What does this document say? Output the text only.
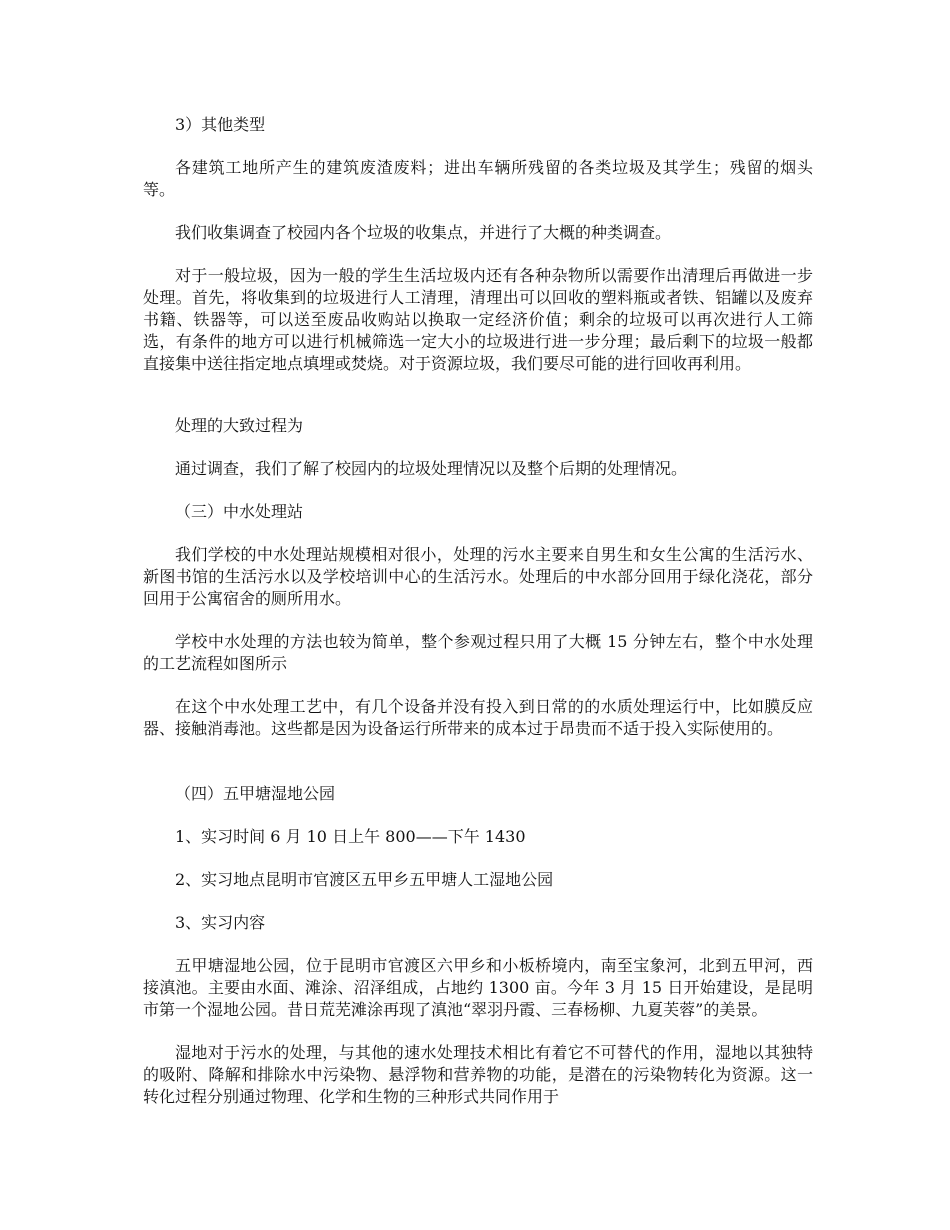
3）其他类型

各建筑工地所产生的建筑废渣废料；进出车辆所残留的各类垃圾及其学生；残留的烟头等。

我们收集调查了校园内各个垃圾的收集点，并进行了大概的种类调查。

对于一般垃圾，因为一般的学生生活垃圾内还有各种杂物所以需要作出清理后再做进一步处理。首先，将收集到的垃圾进行人工清理，清理出可以回收的塑料瓶或者铁、铝罐以及废弃书籍、铁器等，可以送至废品收购站以换取一定经济价值；剩余的垃圾可以再次进行人工筛选，有条件的地方可以进行机械筛选一定大小的垃圾进行进一步分理；最后剩下的垃圾一般都直接集中送往指定地点填埋或焚烧。对于资源垃圾，我们要尽可能的进行回收再利用。

处理的大致过程为

通过调查，我们了解了校园内的垃圾处理情况以及整个后期的处理情况。

（三）中水处理站

我们学校的中水处理站规模相对很小，处理的污水主要来自男生和女生公寓的生活污水、新图书馆的生活污水以及学校培训中心的生活污水。处理后的中水部分回用于绿化浇花，部分回用于公寓宿舍的厕所用水。

学校中水处理的方法也较为简单，整个参观过程只用了大概 15 分钟左右，整个中水处理的工艺流程如图所示

在这个中水处理工艺中，有几个设备并没有投入到日常的的水质处理运行中，比如膜反应器、接触消毒池。这些都是因为设备运行所带来的成本过于昂贵而不适于投入实际使用的。

（四）五甲塘湿地公园

1、实习时间 6 月 10 日上午 800——下午 1430

2、实习地点昆明市官渡区五甲乡五甲塘人工湿地公园

3、实习内容

五甲塘湿地公园，位于昆明市官渡区六甲乡和小板桥境内，南至宝象河，北到五甲河，西接滇池。主要由水面、滩涂、沼泽组成，占地约 1300 亩。今年 3 月 15 日开始建设，是昆明市第一个湿地公园。昔日荒芜滩涂再现了滇池“翠羽丹霞、三春杨柳、九夏芙蓉”的美景。

湿地对于污水的处理，与其他的速水处理技术相比有着它不可替代的作用，湿地以其独特的吸附、降解和排除水中污染物、悬浮物和营养物的功能，是潜在的污染物转化为资源。这一转化过程分别通过物理、化学和生物的三种形式共同作用于
